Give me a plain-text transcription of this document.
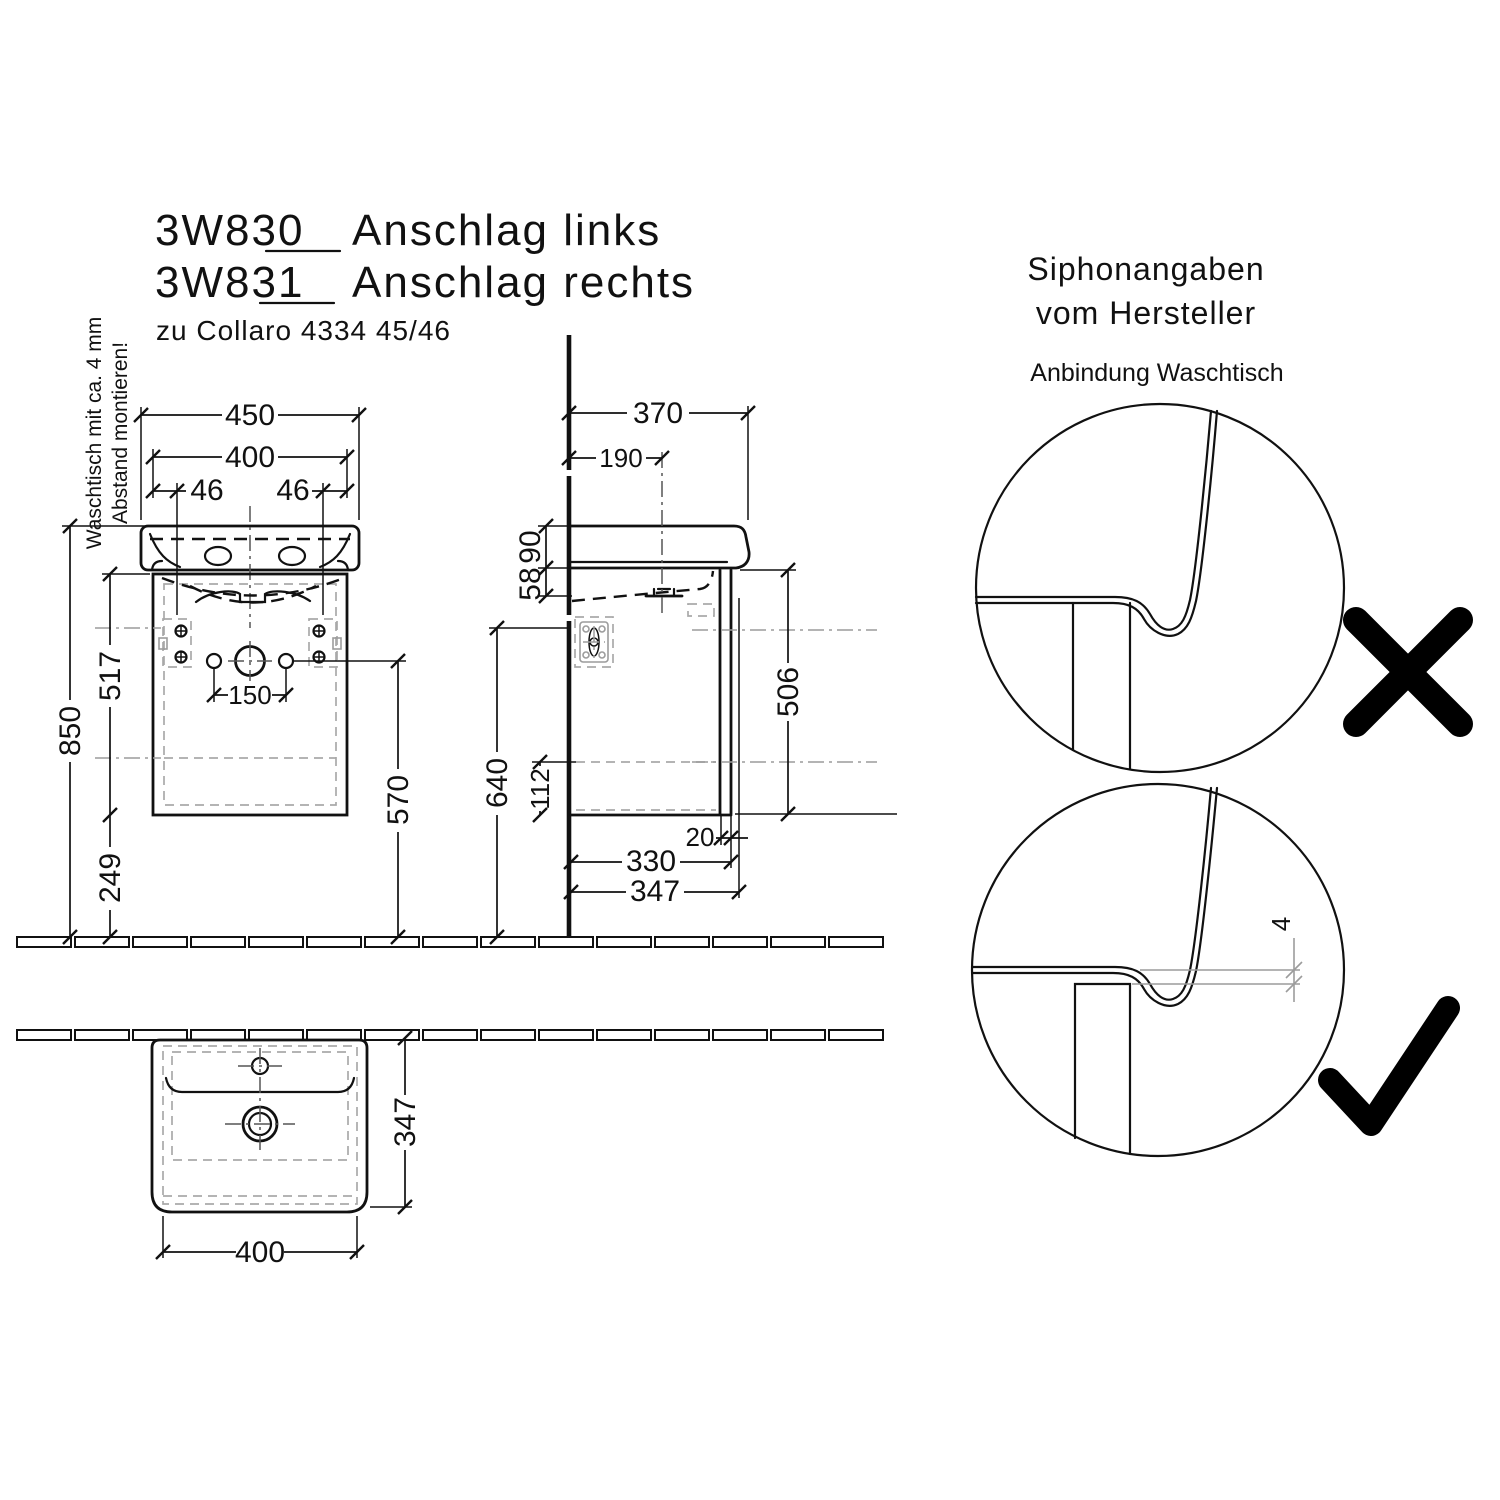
3W830 Anschlag links
3W831 Anschlag rechts
zu Collaro 4334 45/46
Waschtisch mit ca. 4 mm Abstand montieren!	450
400
46 46
150
850
517
249
570
370
190
90
58
640 112
506
20
330
347
347
400
Siphonangaben
vom Hersteller
Anbindung Waschtisch
4
